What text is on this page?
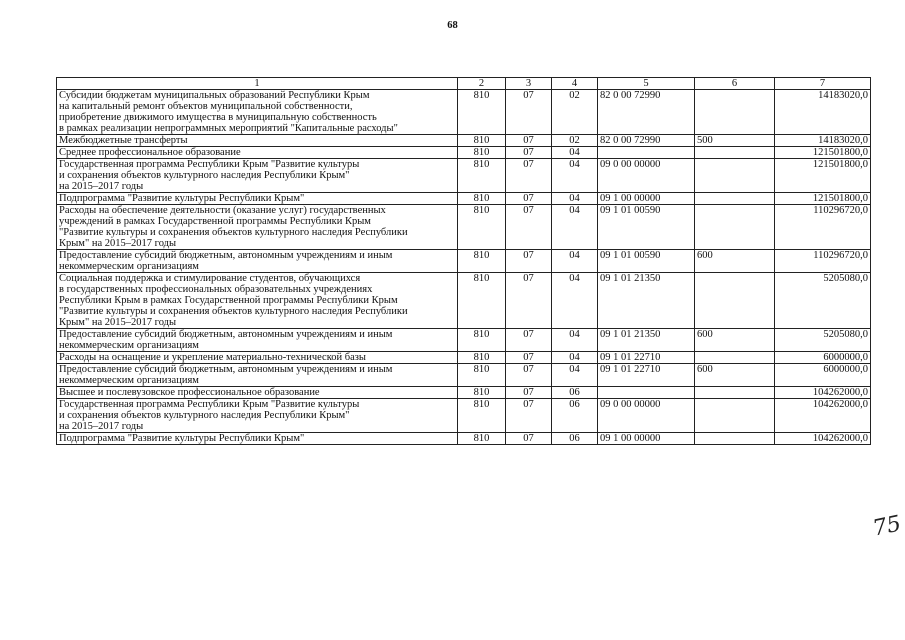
68
1	2	3	4	5	6	7

Субсидии бюджетам муниципальных образований Республики Крым
на капитальный ремонт объектов муниципальной собственности,
приобретение движимого имущества в муниципальную собственность
в рамках реализации непрограммных мероприятий "Капитальные расходы"	810	07	02	82 0 00 72990		14183020,0

Межбюджетные трансферты	810	07	02	82 0 00 72990	500	14183020,0

Среднее профессиональное образование	810	07	04			121501800,0

Государственная программа Республики Крым "Развитие культуры
и сохранения объектов культурного наследия Республики Крым"
на 2015–2017 годы	810	07	04	09 0 00 00000		121501800,0

Подпрограмма "Развитие культуры Республики Крым"	810	07	04	09 1 00 00000		121501800,0

Расходы на обеспечение деятельности (оказание услуг) государственных
учреждений в рамках Государственной программы Республики Крым
"Развитие культуры и сохранения объектов культурного наследия Республики
Крым" на 2015–2017 годы	810	07	04	09 1 01 00590		110296720,0

Предоставление субсидий бюджетным, автономным учреждениям и иным
некоммерческим организациям	810	07	04	09 1 01 00590	600	110296720,0

Социальная поддержка и стимулирование студентов, обучающихся
в государственных профессиональных образовательных учреждениях
Республики Крым в рамках Государственной программы Республики Крым
"Развитие культуры и сохранения объектов культурного наследия Республики
Крым" на 2015–2017 годы	810	07	04	09 1 01 21350		5205080,0

Предоставление субсидий бюджетным, автономным учреждениям и иным
некоммерческим организациям	810	07	04	09 1 01 21350	600	5205080,0

Расходы на оснащение и укрепление материально-технической базы	810	07	04	09 1 01 22710		6000000,0

Предоставление субсидий бюджетным, автономным учреждениям и иным
некоммерческим организациям	810	07	04	09 1 01 22710	600	6000000,0

Высшее и послевузовское профессиональное образование	810	07	06			104262000,0

Государственная программа Республики Крым "Развитие культуры
и сохранения объектов культурного наследия Республики Крым"
на 2015–2017 годы	810	07	06	09 0 00 00000		104262000,0

Подпрограмма "Развитие культуры Республики Крым"	810	07	06	09 1 00 00000		104262000,0
75
